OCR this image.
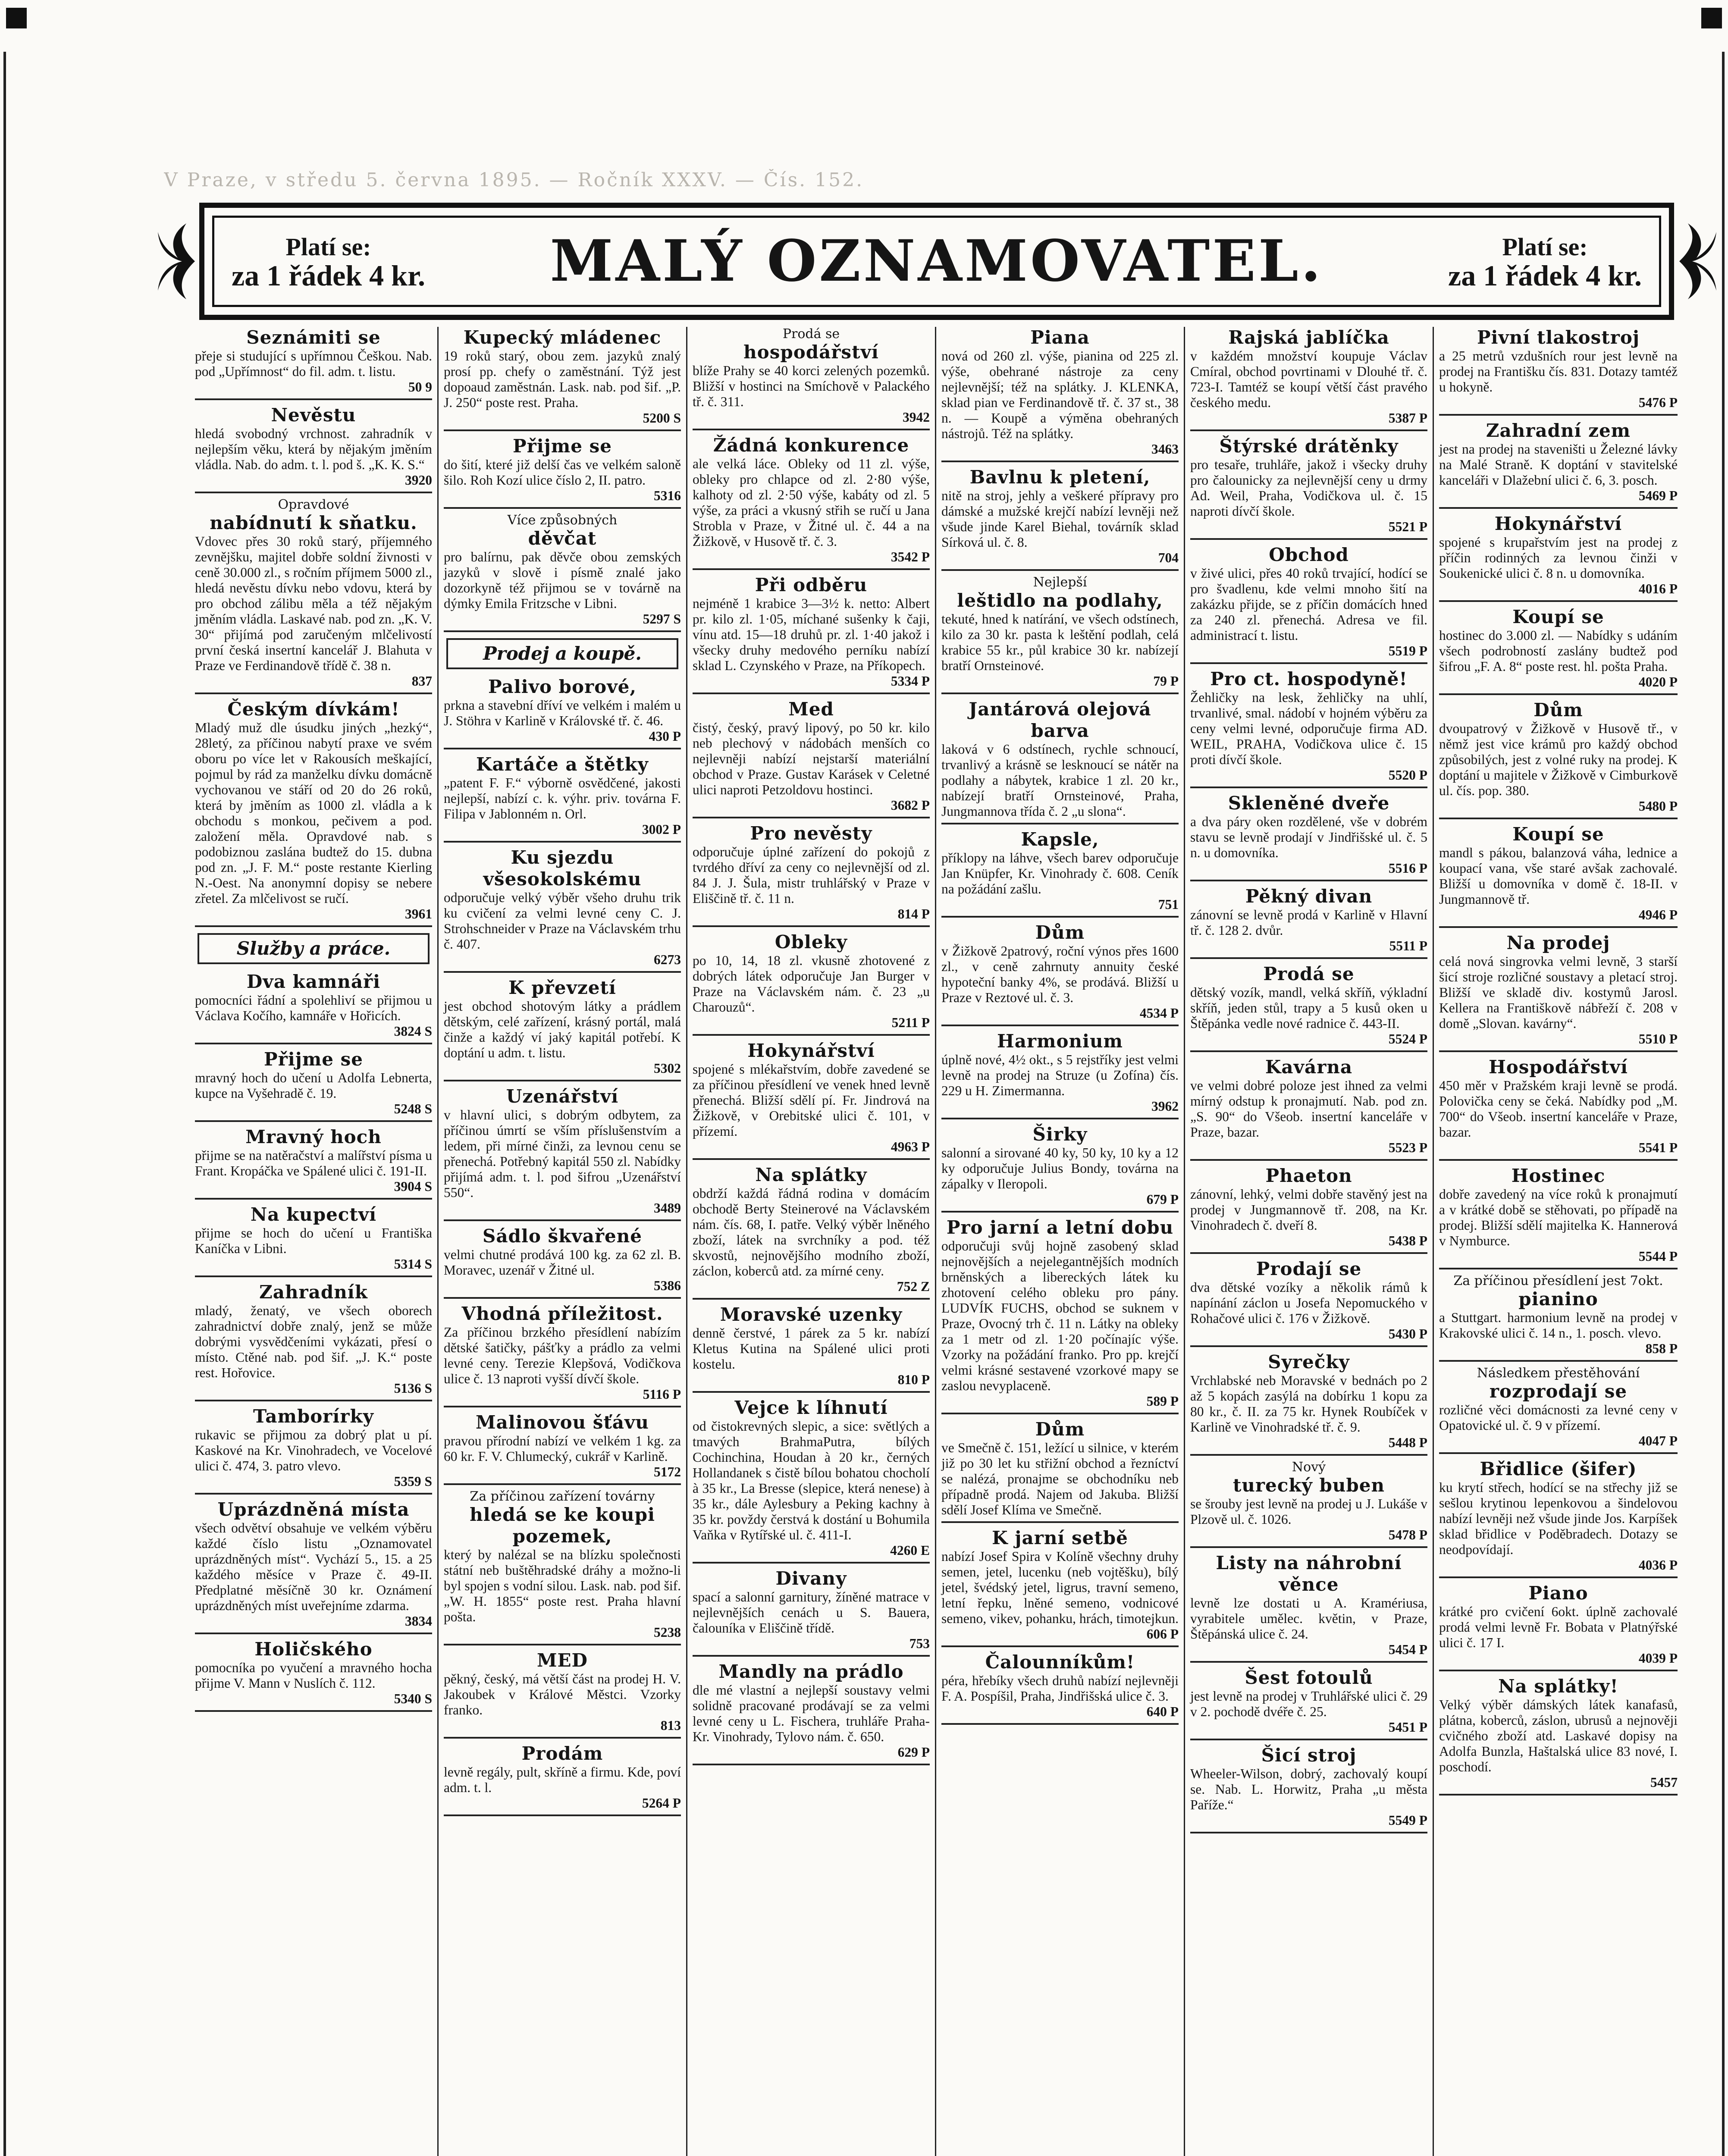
V Praze, v středu 5. června 1895. — Ročník XXXV. — Čís. 152.
Platí se:
za 1 řádek 4 kr. MALÝ OZNAMOVATEL.	Platí se:
za 1 řádek 4 kr.
Seznámiti se
přeje si studující s upřímnou Češkou. Nab. pod „Upřímnost“ do fil. adm. t. listu.
50 9
Nevěstu
hledá svobodný vrchnost. zahradník v nejlepším věku, která by nějakým jměním vládla. Nab. do adm. t. l. pod š. „K. K. S.“
3920
Opravdové
nabídnutí k sňatku.
Vdovec přes 30 roků starý, příjemného zevnějšku, majitel dobře soldní živnosti v ceně 30.000 zl., s ročním příjmem 5000 zl., hledá nevěstu dívku nebo vdovu, která by pro obchod zálibu měla a též nějakým jměním vládla. Laskavé nab. pod zn. „K. V. 30“ přijímá pod zaručeným mlčelivostí první česká insertní kancelář J. Blahuta v Praze ve Ferdinandově třídě č. 38 n.
837
Českým dívkám!
Mladý muž dle úsudku jiných „hezký“, 28letý, za příčinou nabytí praxe ve svém oboru po více let v Rakousích meškající, pojmul by rád za manželku dívku domácně vychovanou ve stáří od 20 do 26 roků, která by jměním as 1000 zl. vládla a k obchodu s monkou, pečivem a pod. založení měla. Opravdové nab. s podobiznou zaslána budtež do 15. dubna pod zn. „J. F. M.“ poste restante Kierling N.-Oest. Na anonymní dopisy se nebere zřetel. Za mlčelivost se ručí.
3961
Služby a práce.
Dva kamnáři
pomocníci řádní a spolehliví se přijmou u Václava Kočího, kamnáře v Hořicích.
3824 S
Přijme se
mravný hoch do učení u Adolfa Lebnerta, kupce na Vyšehradě č. 19.
5248 S
Mravný hoch
přijme se na natěračství a malířství písma u Frant. Kropáčka ve Spálené ulici č. 191-II.
3904 S
Na kupectví
přijme se hoch do učení u Františka Kaníčka v Libni.
5314 S
Zahradník
mladý, ženatý, ve všech oborech zahradnictví dobře znalý, jenž se může dobrými vysvědčeními vykázati, přesí o místo. Ctěné nab. pod šif. „J. K.“ poste rest. Hořovice.
5136 S
Tamborírky
rukavic se přijmou za dobrý plat u pí. Kaskové na Kr. Vinohradech, ve Vocelové ulici č. 474, 3. patro vlevo.
5359 S
Uprázdněná místa
všech odvětví obsahuje ve velkém výběru každé číslo listu „Oznamovatel uprázdněných míst“. Vychází 5., 15. a 25 každého měsíce v Praze č. 49-II. Předplatné měsíčně 30 kr. Oznámení uprázdněných míst uveřejníme zdarma.
3834
Holičského
pomocníka po vyučení a mravného hocha přijme V. Mann v Nuslích č. 112.
5340 S
Kupecký mládenec
19 roků starý, obou zem. jazyků znalý prosí pp. chefy o zaměstnání. Týž jest dopoaud zaměstnán. Lask. nab. pod šif. „P. J. 250“ poste rest. Praha.
5200 S
Přijme se
do šití, které již delší čas ve velkém saloně šilo. Roh Kozí ulice číslo 2, II. patro.
5316
Více způsobných
děvčat
pro balírnu, pak děvče obou zemských jazyků v slově i písmě znalé jako dozorkyně též přijmou se v továrně na dýmky Emila Fritzsche v Libni.
5297 S
Prodej a koupě.
Palivo borové,
prkna a stavební dříví ve velkém i malém u J. Stöhra v Karlině v Královské tř. č. 46.
430 P
Kartáče a štětky
„patent F. F.“ výborně osvědčené, jakosti nejlepší, nabízí c. k. výhr. priv. továrna F. Filipa v Jablonném n. Orl.
3002 P
Ku sjezdu všesokolskému
odporučuje velký výběr všeho druhu trik ku cvičení za velmi levné ceny C. J. Strohschneider v Praze na Václavském trhu č. 407.
6273
K převzetí
jest obchod shotovým látky a prádlem dětským, celé zařízení, krásný portál, malá činže a každý ví jaký kapitál potřebí. K doptání u adm. t. listu.
5302
Uzenářství
v hlavní ulici, s dobrým odbytem, za příčinou úmrtí se vším příslušenstvím a ledem, při mírné činži, za levnou cenu se přenechá. Potřebný kapitál 550 zl. Nabídky přijímá adm. t. l. pod šifrou „Uzenářství 550“.
3489
Sádlo škvařené
velmi chutné prodává 100 kg. za 62 zl. B. Moravec, uzenář v Žitné ul.
5386
Vhodná příležitost.
Za příčinou brzkého přesídlení nabízím dětské šatičky, pášťky a prádlo za velmi levné ceny. Terezie Klepšová, Vodičkova ulice č. 13 naproti vyšší dívčí škole.
5116 P
Malinovou šťávu
pravou přírodní nabízí ve velkém 1 kg. za 60 kr. F. V. Chlumecký, cukrář v Karlině.
5172
Za příčinou zařízení továrny
hledá se ke koupi pozemek,
který by nalézal se na blízku společnosti státní neb buštěhradské dráhy a možno-li byl spojen s vodní silou. Lask. nab. pod šif. „W. H. 1855“ poste rest. Praha hlavní pošta.
5238
MED
pěkný, český, má větší část na prodej H. V. Jakoubek v Králové Městci. Vzorky franko.
813
Prodám
levně regály, pult, skříně a firmu. Kde, poví adm. t. l.
5264 P
Prodá se
hospodářství
blíže Prahy se 40 korci zelených pozemků. Bližší v hostinci na Smíchově v Palackého tř. č. 311.
3942
Žádná konkurence
ale velká láce. Obleky od 11 zl. výše, obleky pro chlapce od zl. 2·80 výše, kalhoty od zl. 2·50 výše, kabáty od zl. 5 výše, za práci a vkusný střih se ručí u Jana Strobla v Praze, v Žitné ul. č. 44 a na Žižkově, v Husově tř. č. 3.
3542 P
Při odběru
nejméně 1 krabice 3—3½ k. netto: Albert pr. kilo zl. 1·05, míchané sušenky k čaji, vínu atd. 15—18 druhů pr. zl. 1·40 jakož i všecky druhy medového perníku nabízí sklad L. Czynského v Praze, na Příkopech.
5334 P
Med
čistý, český, pravý lipový, po 50 kr. kilo neb plechový v nádobách menších co nejlevněji nabízí nejstarší materiální obchod v Praze. Gustav Karásek v Celetné ulici naproti Petzoldovu hostinci.
3682 P
Pro nevěsty
odporučuje úplné zařízení do pokojů z tvrdého dříví za ceny co nejlevnější od zl. 84 J. J. Šula, mistr truhlářský v Praze v Eliščině tř. č. 11 n.
814 P
Obleky
po 10, 14, 18 zl. vkusně zhotovené z dobrých látek odporučuje Jan Burger v Praze na Václavském nám. č. 23 „u Charouzů“.
5211 P
Hokynářství
spojené s mlékařstvím, dobře zavedené se za příčinou přesídlení ve venek hned levně přenechá. Bližší sdělí pí. Fr. Jindrová na Žižkově, v Orebitské ulici č. 101, v přízemí.
4963 P
Na splátky
obdrží každá řádná rodina v domácím obchodě Berty Steinerové na Václavském nám. čís. 68, I. patře. Velký výběr lněného zboží, látek na svrchníky a pod. též skvostů, nejnovějšího modního zboží, záclon, koberců atd. za mírné ceny.
752 Z
Moravské uzenky
denně čerstvé, 1 párek za 5 kr. nabízí Kletus Kutina na Spálené ulici proti kostelu.
810 P
Vejce k líhnutí
od čistokrevných slepic, a sice: světlých a tmavých BrahmaPutra, bílých Cochinchina, Houdan à 20 kr., černých Hollandanek s čistě bílou bohatou chocholí à 35 kr., La Bresse (slepice, která nenese) à 35 kr., dále Aylesbury a Peking kachny à 35 kr. povždy čerstvá k dostání u Bohumila Vaňka v Rytířské ul. č. 411-I.
4260 E
Divany
spací a salonní garnitury, žíněné matrace v nejlevnějších cenách u S. Bauera, čalouníka v Eliščině třídě.
753
Mandly na prádlo
dle mé vlastní a nejlepší soustavy velmi solidně pracované prodávají se za velmi levné ceny u L. Fischera, truhláře Praha-Kr. Vinohrady, Tylovo nám. č. 650.
629 P
Piana
nová od 260 zl. výše, pianina od 225 zl. výše, obehrané nástroje za ceny nejlevnější; též na splátky. J. KLENKA, sklad pian ve Ferdinandově tř. č. 37 st., 38 n. — Koupě a výměna obehraných nástrojů. Též na splátky.
3463
Bavlnu k pletení,
nitě na stroj, jehly a veškeré přípravy pro dámské a mužské krejčí nabízí levněji než všude jinde Karel Biehal, továrník sklad Sírková ul. č. 8.
704
Nejlepší
leštidlo na podlahy,
tekuté, hned k natírání, ve všech odstínech, kilo za 30 kr. pasta k leštění podlah, celá krabice 55 kr., půl krabice 30 kr. nabízejí bratří Ornsteinové.
79 P
Jantárová olejová barva
laková v 6 odstínech, rychle schnoucí, trvanlivý a krásně se lesknoucí se nátěr na podlahy a nábytek, krabice 1 zl. 20 kr., nabízejí bratří Ornsteinové, Praha, Jungmannova třída č. 2 „u slona“.
Kapsle,
příklopy na láhve, všech barev odporučuje Jan Knüpfer, Kr. Vinohrady č. 608. Ceník na požádání zašlu.
751
Dům
v Žižkově 2patrový, roční výnos přes 1600 zl., v ceně zahrnuty annuity české hypoteční banky 4%, se prodává. Bližší u Praze v Reztové ul. č. 3.
4534 P
Harmonium
úplně nové, 4½ okt., s 5 rejstříky jest velmi levně na prodej na Struze (u Zofína) čís. 229 u H. Zimermanna.
3962
Širky
salonní a sirované 40 ky, 50 ky, 10 ky a 12 ky odporučuje Julius Bondy, továrna na zápalky v Ileropoli.
679 P
Pro jarní a letní dobu
odporučuji svůj hojně zasobený sklad nejnovějších a nejelegantnějších modních brněnských a libereckých látek ku zhotovení celého obleku pro pány. LUDVÍK FUCHS, obchod se suknem v Praze, Ovocný trh č. 11 n. Látky na obleky za 1 metr od zl. 1·20 počínajíc výše. Vzorky na požádání franko. Pro pp. krejčí velmi krásné sestavené vzorkové mapy se zaslou nevyplaceně.
589 P
Dům
ve Smečně č. 151, ležící u silnice, v kterém již po 30 let ku střižní obchod a řezníctví se nalézá, pronajme se obchodníku neb případně prodá. Najem od Jakuba. Bližší sdělí Josef Klíma ve Smečně.
K jarní setbě
nabízí Josef Spira v Kolíně všechny druhy semen, jetel, lucenku (neb vojtěšku), bílý jetel, švédský jetel, ligrus, travní semeno, letní řepku, lněné semeno, vodnicové semeno, vikev, pohanku, hrách, timotejkun.
606 P
Čalounníkům!
péra, hřebíky všech druhů nabízí nejlevněji F. A. Pospíšil, Praha, Jindřišská ulice č. 3.
640 P
Rajská jablíčka
v každém množství koupuje Václav Cmíral, obchod povrtinami v Dlouhé tř. č. 723-I. Tamtéž se koupí větší část pravého českého medu.
5387 P
Štýrské drátěnky
pro tesaře, truhláře, jakož i všecky druhy pro čalounicky za nejlevnější ceny u drmy Ad. Weil, Praha, Vodičkova ul. č. 15 naproti dívčí škole.
5521 P
Obchod
v živé ulici, přes 40 roků trvající, hodící se pro švadlenu, kde velmi mnoho šití na zakázku přijde, se z příčin domácích hned za 240 zl. přenechá. Adresa ve fil. administrací t. listu.
5519 P
Pro ct. hospodyně!
Žehličky na lesk, žehličky na uhlí, trvanlivé, smal. nádobí v hojném výběru za ceny velmi levné, odporučuje firma AD. WEIL, PRAHA, Vodičkova ulice č. 15 proti dívčí škole.
5520 P
Skleněné dveře
a dva páry oken rozdělené, vše v dobrém stavu se levně prodají v Jindřišské ul. č. 5 n. u domovníka.
5516 P
Pěkný divan
zánovní se levně prodá v Karlině v Hlavní tř. č. 128 2. dvůr.
5511 P
Prodá se
dětský vozík, mandl, velká skříň, výkladní skříň, jeden stůl, trapy a 5 kusů oken u Štěpánka vedle nové radnice č. 443-II.
5524 P
Kavárna
ve velmi dobré poloze jest ihned za velmi mírný odstup k pronajmutí. Nab. pod zn. „S. 90“ do Všeob. insertní kanceláře v Praze, bazar.
5523 P
Phaeton
zánovní, lehký, velmi dobře stavěný jest na prodej v Jungmannově tř. 208, na Kr. Vinohradech č. dveří 8.
5438 P
Prodají se
dva dětské vozíky a několik rámů k napínání záclon u Josefa Nepomuckého v Rohačové ulici č. 176 v Žižkově.
5430 P
Syrečky
Vrchlabské neb Moravské v bednách po 2 až 5 kopách zasýlá na dobírku 1 kopu za 80 kr., č. II. za 75 kr. Hynek Roubíček v Karlině ve Vinohradské tř. č. 9.
5448 P
Nový
turecký buben
se šrouby jest levně na prodej u J. Lukáše v Plzově ul. č. 1026.
5478 P
Listy na náhrobní věnce
levně lze dostati u A. Kramériusa, vyrabitele umělec. květin, v Praze, Štěpánská ulice č. 24.
5454 P
Šest fotoulů
jest levně na prodej v Truhlářské ulici č. 29 v 2. pochodě dvéře č. 25.
5451 P
Šicí stroj
Wheeler-Wilson, dobrý, zachovalý koupí se. Nab. L. Horwitz, Praha „u města Paříže.“
5549 P
Pivní tlakostroj
a 25 metrů vzdušních rour jest levně na prodej na Františku čís. 831. Dotazy tamtéž u hokyně.
5476 P
Zahradní zem
jest na prodej na staveništi u Železné lávky na Malé Straně. K doptání v stavitelské kanceláři v Dlažební ulici č. 6, 3. posch.
5469 P
Hokynářství
spojené s krupařstvím jest na prodej z příčin rodinných za levnou činži v Soukenické ulici č. 8 n. u domovníka.
4016 P
Koupí se
hostinec do 3.000 zl. — Nabídky s udáním všech podrobností zaslány budtež pod šifrou „F. A. 8“ poste rest. hl. pošta Praha.
4020 P
Dům
dvoupatrový v Žižkově v Husově tř., v němž jest vice krámů pro každý obchod způsobilých, jest z volné ruky na prodej. K doptání u majitele v Žižkově v Cimburkově ul. čís. pop. 380.
5480 P
Koupí se
mandl s pákou, balanzová váha, lednice a koupací vana, vše staré avšak zachovalé. Bližší u domovníka v domě č. 18-II. v Jungmannově tř.
4946 P
Na prodej
celá nová singrovka velmi levně, 3 starší šicí stroje rozličné soustavy a pletací stroj. Bližší ve skladě div. kostymů Jarosl. Kellera na Františkově nábřeží č. 208 v domě „Slovan. kavárny“.
5510 P
Hospodářství
450 měr v Pražském kraji levně se prodá. Polovička ceny se čeká. Nabídky pod „M. 700“ do Všeob. insertní kanceláře v Praze, bazar.
5541 P
Hostinec
dobře zavedený na více roků k pronajmutí a v krátké době se stěhovati, po případě na prodej. Bližší sdělí majitelka K. Hannerová v Nymburce.
5544 P
Za příčinou přesídlení jest 7okt.
pianino
a Stuttgart. harmonium levně na prodej v Krakovské ulici č. 14 n., 1. posch. vlevo.
858 P
Následkem přestěhování
rozprodají se
rozličné věci domácnosti za levné ceny v Opatovické ul. č. 9 v přízemí.
4047 P
Břidlice (šifer)
ku krytí střech, hodící se na střechy již se sešlou krytinou lepenkovou a šindelovou nabízí levněji než všude jinde Jos. Karpíšek sklad břidlice v Poděbradech. Dotazy se neodpovídají.
4036 P
Piano
krátké pro cvičení 6okt. úplně zachovalé prodá velmi levně Fr. Bobata v Platnýřské ulici č. 17 I.
4039 P
Na splátky!
Velký výběr dámských látek kanafasů, plátna, koberců, záslon, ubrusů a nejnověji cvičného zboží atd. Laskavé dopisy na Adolfa Bunzla, Haštalská ulice 83 nové, I. poschodí.
5457
